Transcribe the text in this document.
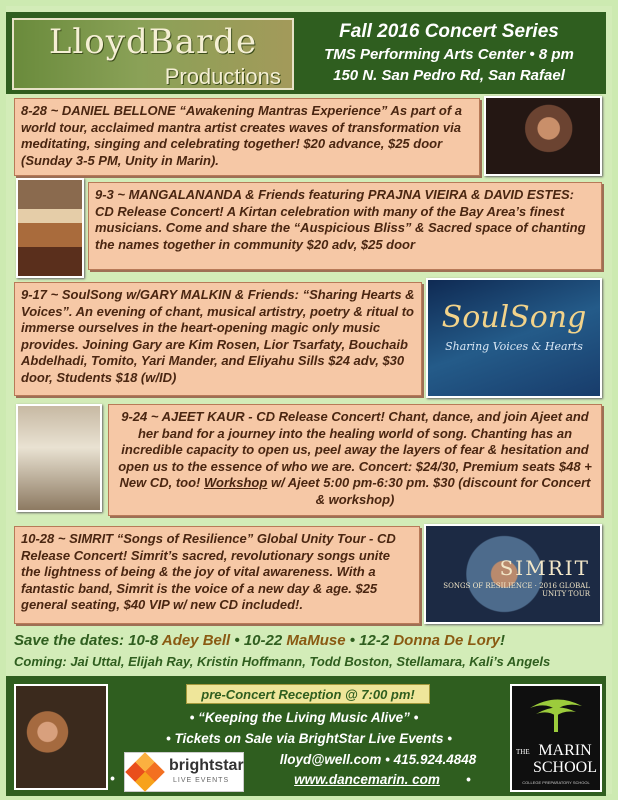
LloydBarde
Productions
Fall 2016 Concert Series
TMS Performing Arts Center • 8 pm
150 N. San Pedro Rd, San Rafael
8-28 ~ DANIEL BELLONE “Awakening Mantras Experience” As part of a world tour, acclaimed mantra artist creates waves of transformation via meditating, singing and celebrating together! $20 advance, $25 door (Sunday 3-5 PM, Unity in Marin).
9-3 ~ MANGALANANDA & Friends featuring PRAJNA VIEIRA & DAVID ESTES: CD Release Concert! A Kirtan celebration with many of the Bay Area’s finest musicians. Come and share the “Auspicious Bliss” & Sacred space of chanting the names together in community $20 adv, $25 door
9-17 ~ SoulSong w/GARY MALKIN & Friends: “Sharing Hearts & Voices”. An evening of chant, musical artistry, poetry & ritual to immerse ourselves in the heart-opening magic only music provides. Joining Gary are Kim Rosen, Lior Tsarfaty, Bouchaib Abdelhadi, Tomito, Yari Mander, and Eliyahu Sills $24 adv, $30 door, Students $18 (w/ID)
SoulSong
Sharing Voices & Hearts
9-24 ~ AJEET KAUR - CD Release Concert! Chant, dance, and join Ajeet and her band for a journey into the healing world of song. Chanting has an incredible capacity to open us, peel away the layers of fear & hesitation and open us to the essence of who we are. Concert: $24/30, Premium seats $48 + New CD, too! Workshop w/ Ajeet 5:00 pm-6:30 pm. $30 (discount for Concert & workshop)
10-28 ~ SIMRIT “Songs of Resilience” Global Unity Tour - CD Release Concert! Simrit’s sacred, revolutionary songs unite the lightness of being & the joy of vital awareness. With a fantastic band, Simrit is the voice of a new day & age. $25 general seating, $40 VIP w/ new CD included!.
SIMRIT
SONGS OF RESILIENCE · 2016 GLOBAL UNITY TOUR
Save the dates: 10-8 Adey Bell • 10-22 MaMuse • 12-2 Donna De Lory!
Coming: Jai Uttal, Elijah Ray, Kristin Hoffmann, Todd Boston, Stellamara, Kali’s Angels
pre-Concert Reception @ 7:00 pm!
• “Keeping the Living Music Alive” •
• Tickets on Sale via BrightStar Live Events •
•
brightstar
LIVE EVENTS
lloyd@well.com • 415.924.4848
www.dancemarin. com	•
THE MARIN SCHOOL
COLLEGE PREPARATORY SCHOOL
